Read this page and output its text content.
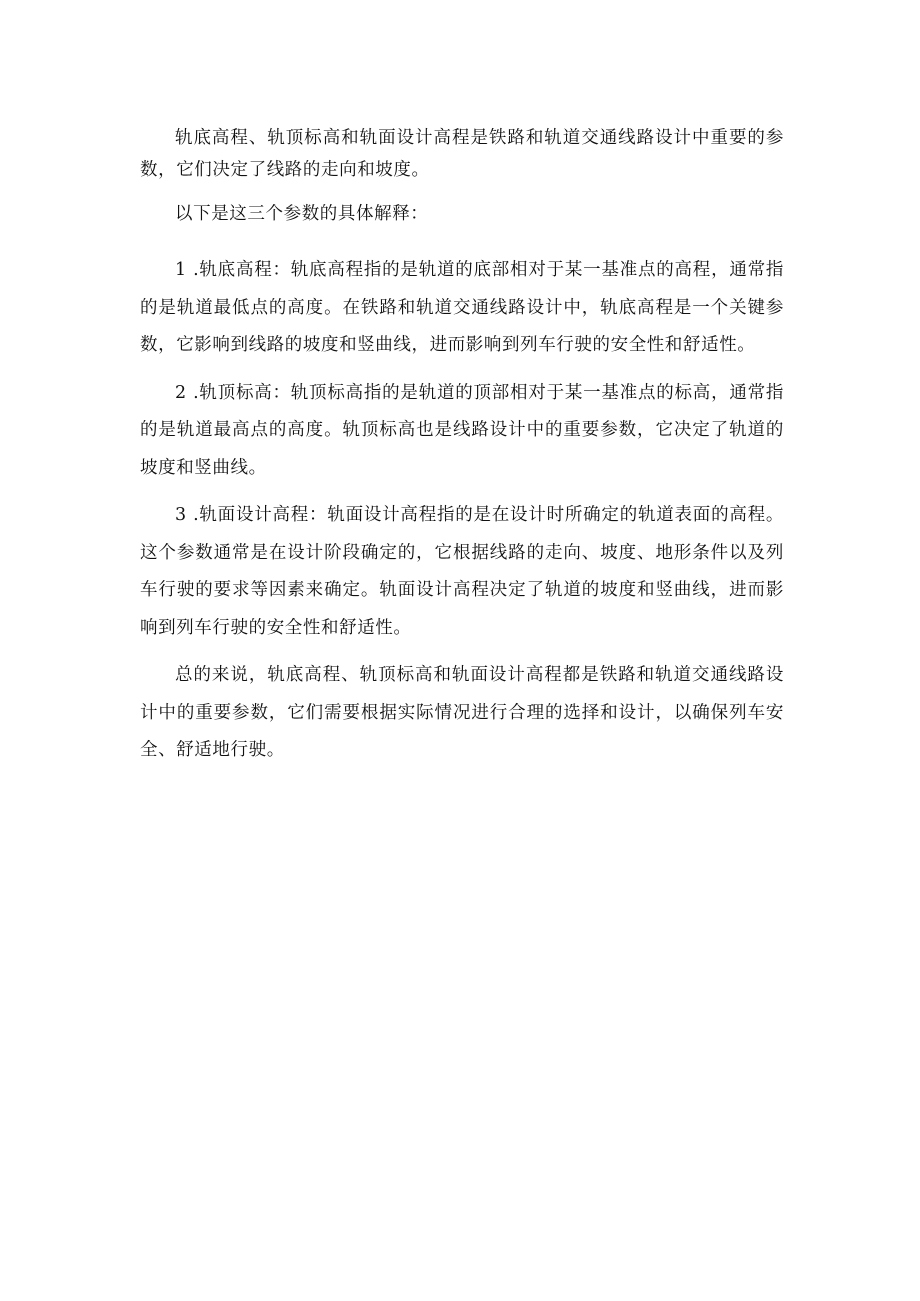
轨底高程、轨顶标高和轨面设计高程是铁路和轨道交通线路设计中重要的参数，它们决定了线路的走向和坡度。

以下是这三个参数的具体解释：

1 .轨底高程：轨底高程指的是轨道的底部相对于某一基准点的高程，通常指的是轨道最低点的高度。在铁路和轨道交通线路设计中，轨底高程是一个关键参数，它影响到线路的坡度和竖曲线，进而影响到列车行驶的安全性和舒适性。

2 .轨顶标高：轨顶标高指的是轨道的顶部相对于某一基准点的标高，通常指的是轨道最高点的高度。轨顶标高也是线路设计中的重要参数，它决定了轨道的坡度和竖曲线。

3 .轨面设计高程：轨面设计高程指的是在设计时所确定的轨道表面的高程。这个参数通常是在设计阶段确定的，它根据线路的走向、坡度、地形条件以及列车行驶的要求等因素来确定。轨面设计高程决定了轨道的坡度和竖曲线，进而影响到列车行驶的安全性和舒适性。

总的来说，轨底高程、轨顶标高和轨面设计高程都是铁路和轨道交通线路设计中的重要参数，它们需要根据实际情况进行合理的选择和设计，以确保列车安全、舒适地行驶。
